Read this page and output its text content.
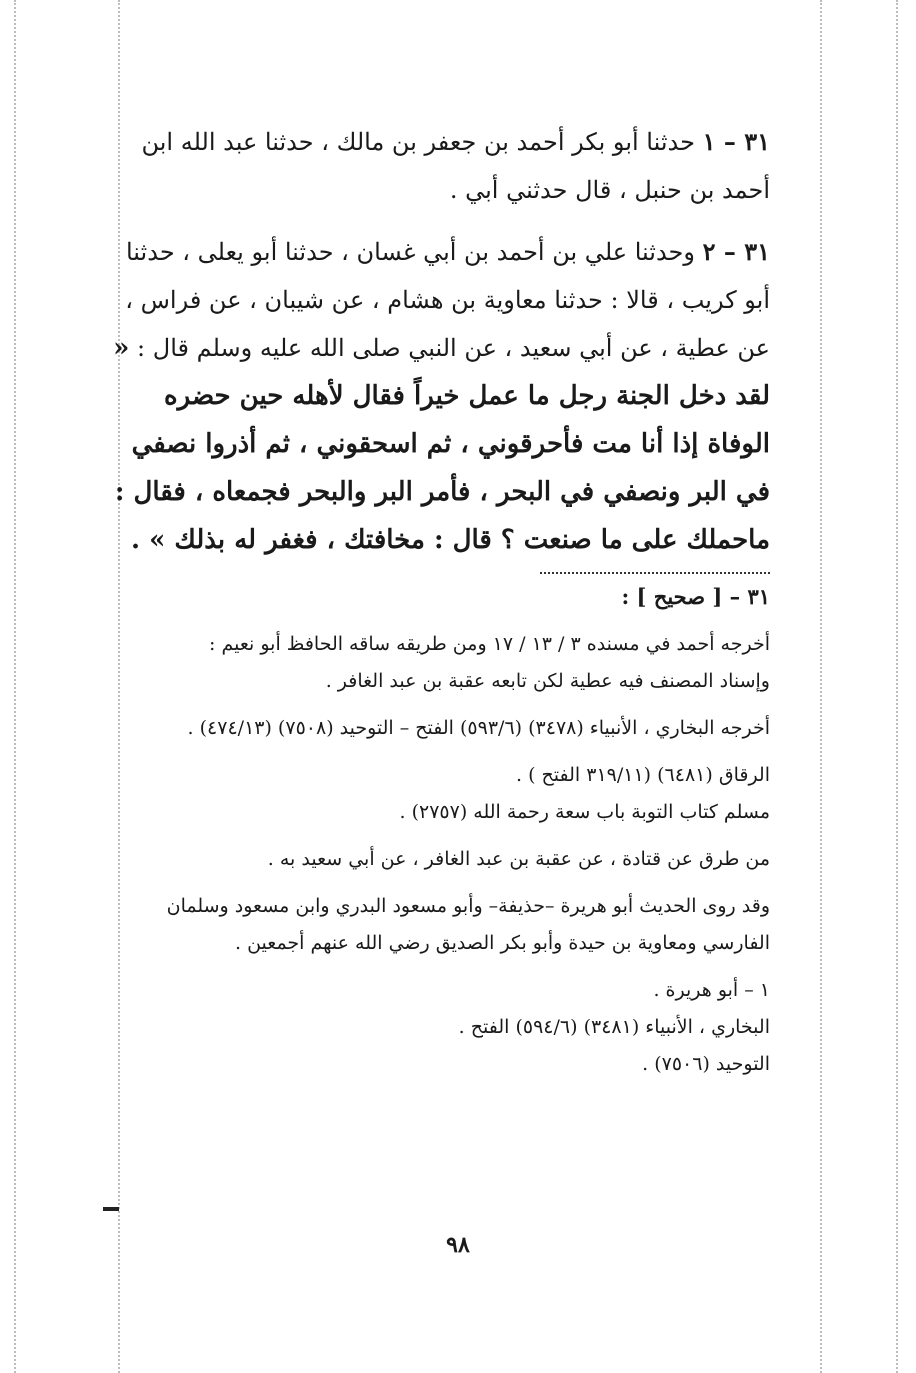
٣١ – ١ حدثنا أبو بكر أحمد بن جعفر بن مالك ، حدثنا عبد الله ابن أحمد بن حنبل ، قال حدثني أبي .

٣١ – ٢ وحدثنا علي بن أحمد بن أبي غسان ، حدثنا أبو يعلى ، حدثنا أبو كريب ، قالا : حدثنا معاوية بن هشام ، عن شيبان ، عن فراس ، عن عطية ، عن أبي سعيد ، عن النبي صلى الله عليه وسلم قال : « لقد دخل الجنة رجل ما عمل خيراً فقال لأهله حين حضره الوفاة إذا أنا مت فأحرقوني ، ثم اسحقوني ، ثم أذروا نصفي في البر ونصفي في البحر ، فأمر البر والبحر فجمعاه ، فقال : ماحملك على ما صنعت ؟ قال : مخافتك ، فغفر له بذلك » .

٣١ – [ صحيح ] :
أخرجه أحمد في مسنده ٣ / ١٣ / ١٧ ومن طريقه ساقه الحافظ أبو نعيم :
وإسناد المصنف فيه عطية لكن تابعه عقبة بن عبد الغافر .
أخرجه البخاري ، الأنبياء (٣٤٧٨) (٥٩٣/٦) الفتح – التوحيد (٧٥٠٨) (٤٧٤/١٣) .
الرقاق (٦٤٨١) (٣١٩/١١ الفتح ) .
مسلم كتاب التوبة باب سعة رحمة الله (٢٧٥٧) .
من طرق عن قتادة ، عن عقبة بن عبد الغافر ، عن أبي سعيد به .
وقد روى الحديث أبو هريرة –حذيفة– وأبو مسعود البدري وابن مسعود وسلمان الفارسي ومعاوية بن حيدة وأبو بكر الصديق رضي الله عنهم أجمعين .
١ – أبو هريرة .
البخاري ، الأنبياء (٣٤٨١) (٥٩٤/٦) الفتح .
التوحيد (٧٥٠٦) .
٩٨
